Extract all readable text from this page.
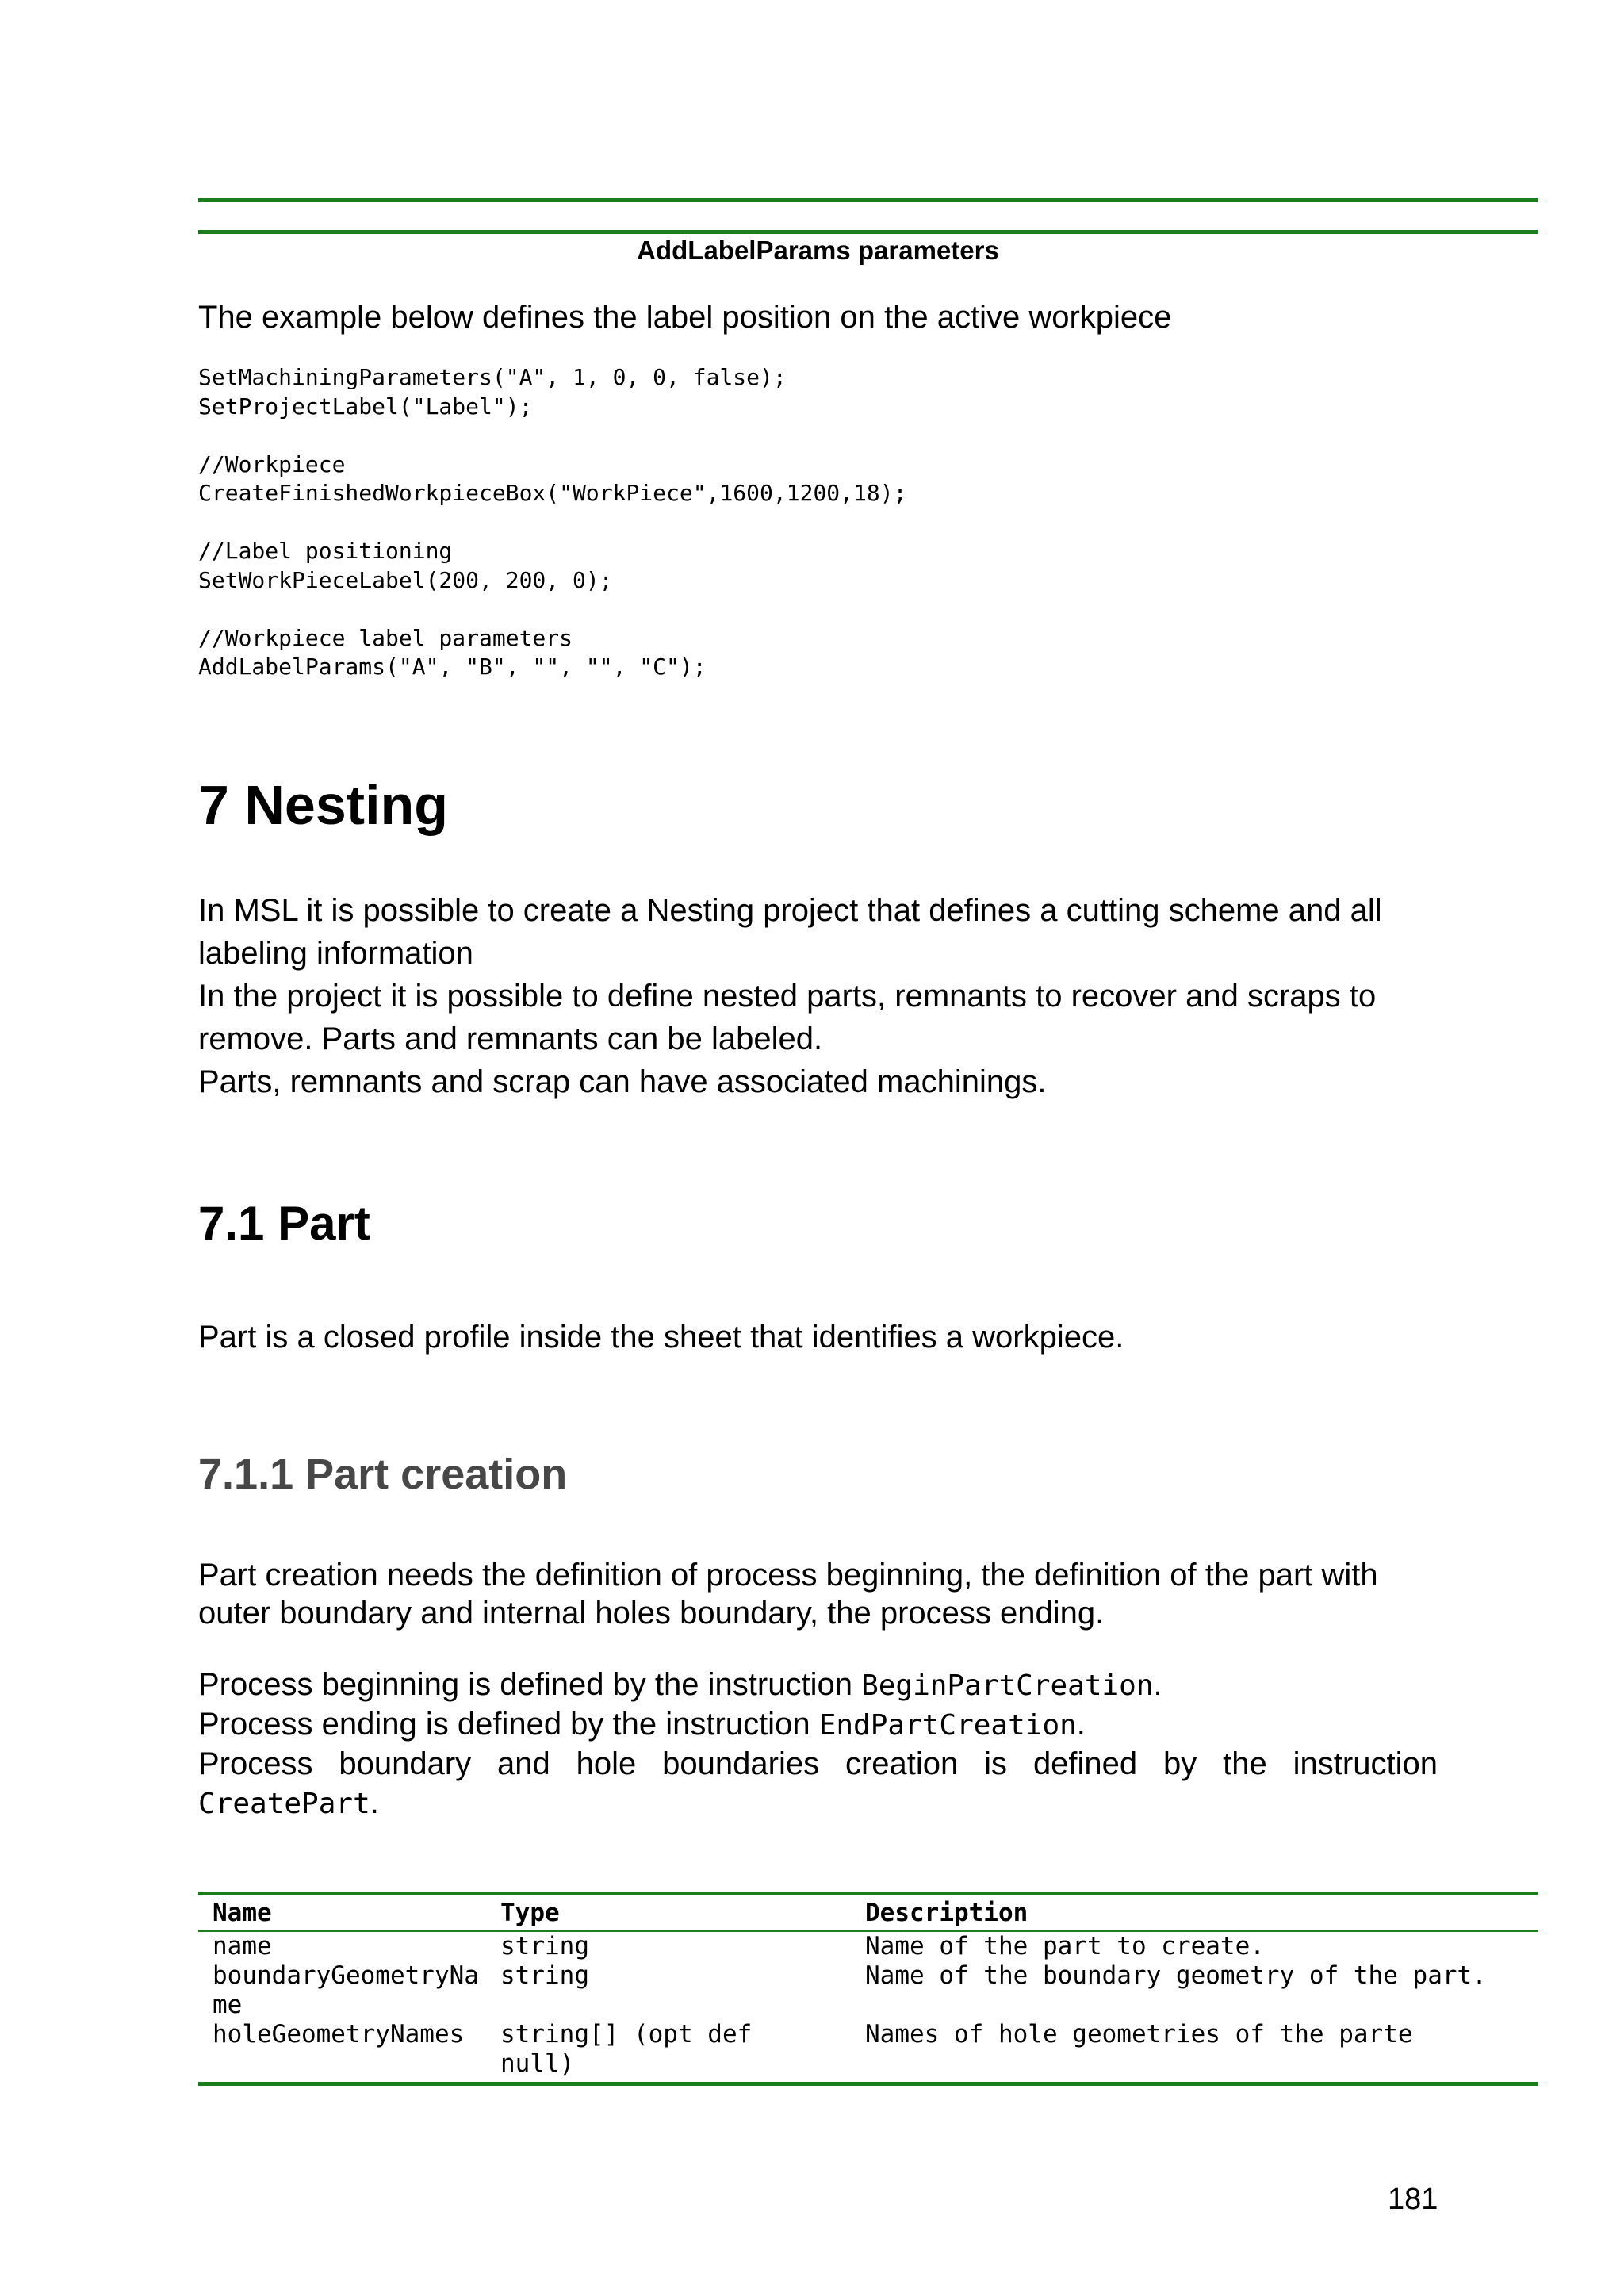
AddLabelParams parameters
The example below defines the label position on the active workpiece
SetMachiningParameters("A", 1, 0, 0, false);
SetProjectLabel("Label");
//Workpiece
CreateFinishedWorkpieceBox("WorkPiece",1600,1200,18);
//Label positioning
SetWorkPieceLabel(200, 200, 0);
//Workpiece label parameters
AddLabelParams("A", "B", "", "", "C");
7 Nesting
In MSL it is possible to create a Nesting project that defines a cutting scheme and all
labeling information
In the project it is possible to define nested parts, remnants to recover and scraps to
remove. Parts and remnants can be labeled.
Parts, remnants and scrap can have associated machinings.
7.1 Part
Part is a closed profile inside the sheet that identifies a workpiece.
7.1.1 Part creation
Part creation needs the definition of process beginning, the definition of the part with
outer boundary and internal holes boundary, the process ending.
Process beginning is defined by the instruction BeginPartCreation.
Process ending is defined by the instruction EndPartCreation.
Process boundary and hole boundaries creation is defined by the instruction
CreatePart.
Name	Type	Description
name	string	Name of the part to create.
boundaryGeometryNa
me	string	Name of the boundary geometry of the part.
holeGeometryNames	string[] (opt def
null)	Names of hole geometries of the parte
181
